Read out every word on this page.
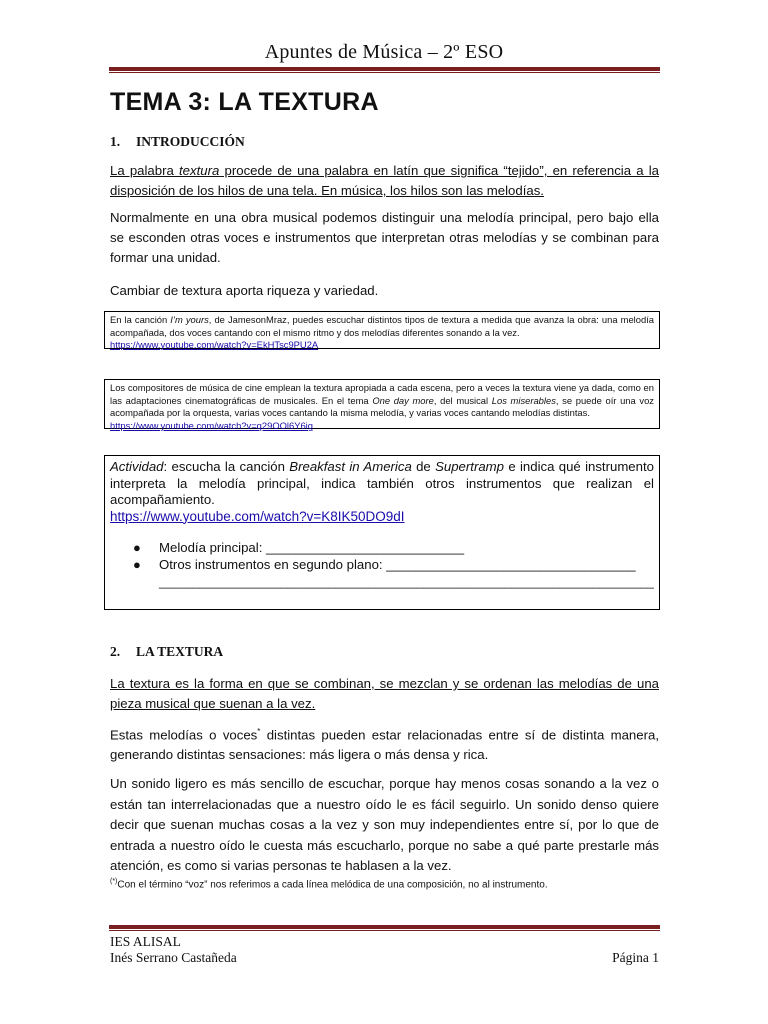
Apuntes de Música – 2º ESO
TEMA 3: LA TEXTURA
1. INTRODUCCIÓN
La palabra textura procede de una palabra en latín que significa “tejido”, en referencia a la disposición de los hilos de una tela. En música, los hilos son las melodías.
Normalmente en una obra musical podemos distinguir una melodía principal, pero bajo ella se esconden otras voces e instrumentos que interpretan otras melodías y se combinan para formar una unidad.
Cambiar de textura aporta riqueza y variedad.
En la canción I’m yours, de JamesonMraz, puedes escuchar distintos tipos de textura a medida que avanza la obra: una melodía acompañada, dos voces cantando con el mismo ritmo y dos melodías diferentes sonando a la vez.
https://www.youtube.com/watch?v=EkHTsc9PU2A
Los compositores de música de cine emplean la textura apropiada a cada escena, pero a veces la textura viene ya dada, como en las adaptaciones cinematográficas de musicales. En el tema One day more, del musical Los miserables, se puede oír una voz acompañada por la orquesta, varias voces cantando la misma melodía, y varias voces cantando melodías distintas.
https://www.youtube.com/watch?v=q29OOl6Y6ig
Actividad: escucha la canción Breakfast in America de Supertramp e indica qué instrumento interpreta la melodía principal, indica también otros instrumentos que realizan el acompañamiento.
https://www.youtube.com/watch?v=K8IK50DO9dI
● Melodía principal: ___________________________
● Otros instrumentos en segundo plano: __________________________________
_________________________________________________________________________
2. LA TEXTURA
La textura es la forma en que se combinan, se mezclan y se ordenan las melodías de una pieza musical que suenan a la vez.
Estas melodías o voces* distintas pueden estar relacionadas entre sí de distinta manera, generando distintas sensaciones: más ligera o más densa y rica.
Un sonido ligero es más sencillo de escuchar, porque hay menos cosas sonando a la vez o están tan interrelacionadas que a nuestro oído le es fácil seguirlo. Un sonido denso quiere decir que suenan muchas cosas a la vez y son muy independientes entre sí, por lo que de entrada a nuestro oído le cuesta más escucharlo, porque no sabe a qué parte prestarle más atención, es como si varias personas te hablasen a la vez.
(*)Con el término “voz” nos referimos a cada línea melódica de una composición, no al instrumento.
IES ALISAL
Inés Serrano Castañeda	Página 1
